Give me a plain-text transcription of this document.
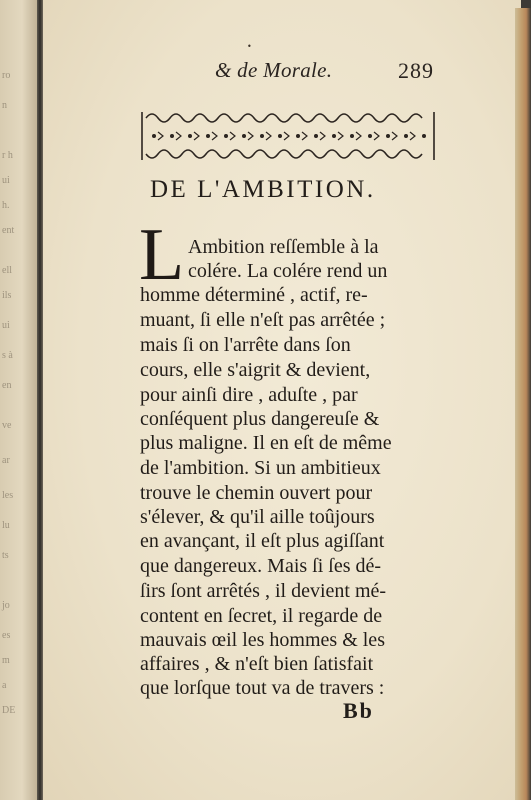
ro
n
r h
ui
h.
ent
ell
ils
ui
s à
en
ve
ar
les
lu
ts
jo
es
m
a
DE
•
& de Morale.	289
DE L'AMBITION.
L Ambition reſſemble à la
colére. La colére rend un
homme déterminé , actif, re-
muant, ſi elle n'eſt pas arrêtée ;
mais ſi on l'arrête dans ſon
cours, elle s'aigrit & devient,
pour ainſi dire , aduſte , par
conſéquent plus dangereuſe &
plus maligne. Il en eſt de même
de l'ambition. Si un ambitieux
trouve le chemin ouvert pour
s'élever, & qu'il aille toûjours
en avançant, il eſt plus agiſſant
que dangereux. Mais ſi ſes dé-
ſirs ſont arrêtés , il devient mé-
content en ſecret, il regarde de
mauvais œil les hommes & les
affaires , & n'eſt bien ſatisfait
que lorſque tout va de travers :
Bb
